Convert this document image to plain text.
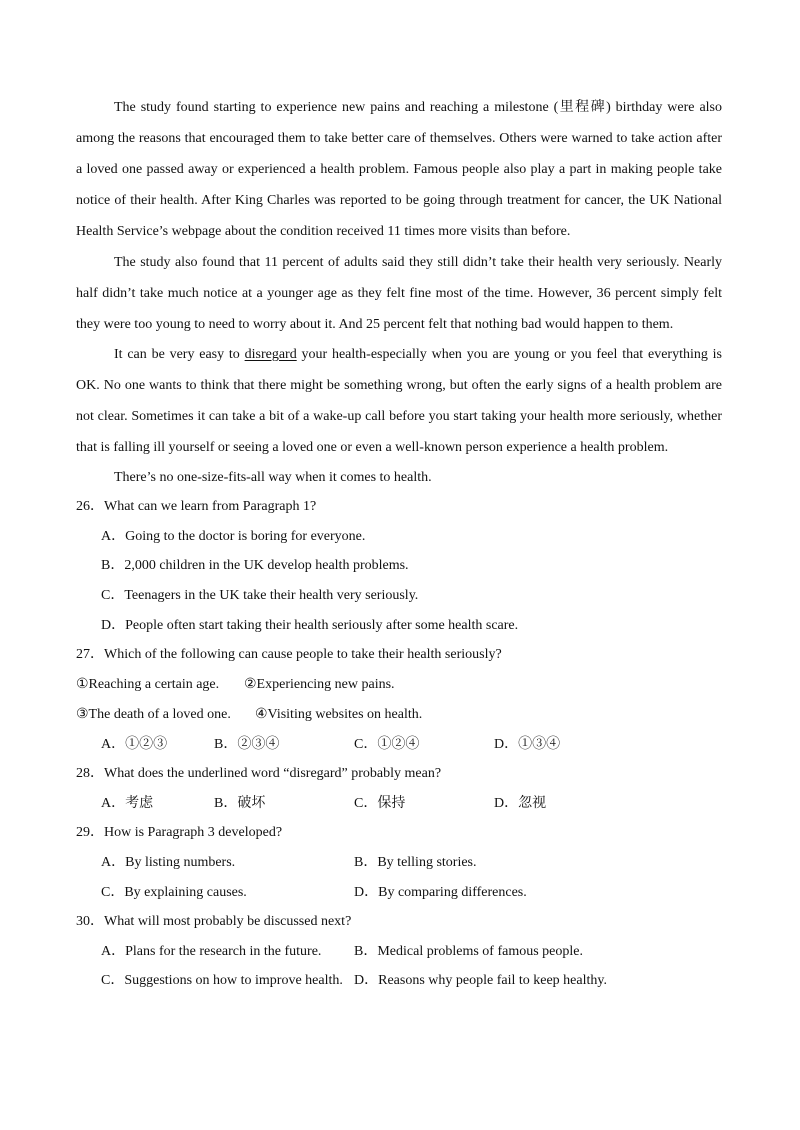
The study found starting to experience new pains and reaching a milestone (里程碑) birthday were also among the reasons that encouraged them to take better care of themselves. Others were warned to take action after a loved one passed away or experienced a health problem. Famous people also play a part in making people take notice of their health. After King Charles was reported to be going through treatment for cancer, the UK National Health Service’s webpage about the condition received 11 times more visits than before.

The study also found that 11 percent of adults said they still didn’t take their health very seriously. Nearly half didn’t take much notice at a younger age as they felt fine most of the time. However, 36 percent simply felt they were too young to need to worry about it. And 25 percent felt that nothing bad would happen to them.

It can be very easy to disregard your health-especially when you are young or you feel that everything is OK. No one wants to think that there might be something wrong, but often the early signs of a health problem are not clear. Sometimes it can take a bit of a wake-up call before you start taking your health more seriously, whether that is falling ill yourself or seeing a loved one or even a well-known person experience a health problem.

There’s no one-size-fits-all way when it comes to health.

26．What can we learn from Paragraph 1?
A．Going to the doctor is boring for everyone.
B．2,000 children in the UK develop health problems.
C．Teenagers in the UK take their health very seriously.
D．People often start taking their health seriously after some health scare.
27．Which of the following can cause people to take their health seriously?
①Reaching a certain age. ②Experiencing new pains.
③The death of a loved one. ④Visiting websites on health.
A．①②③	B．②③④	C．①②④	D．①③④
28．What does the underlined word “disregard” probably mean?
A．考虑	B．破坏	C．保持	D．忽视
29．How is Paragraph 3 developed?
A．By listing numbers.	B．By telling stories.
C．By explaining causes.	D．By comparing differences.
30．What will most probably be discussed next?
A．Plans for the research in the future. B．Medical problems of famous people.
C．Suggestions on how to improve health. D．Reasons why people fail to keep healthy.
